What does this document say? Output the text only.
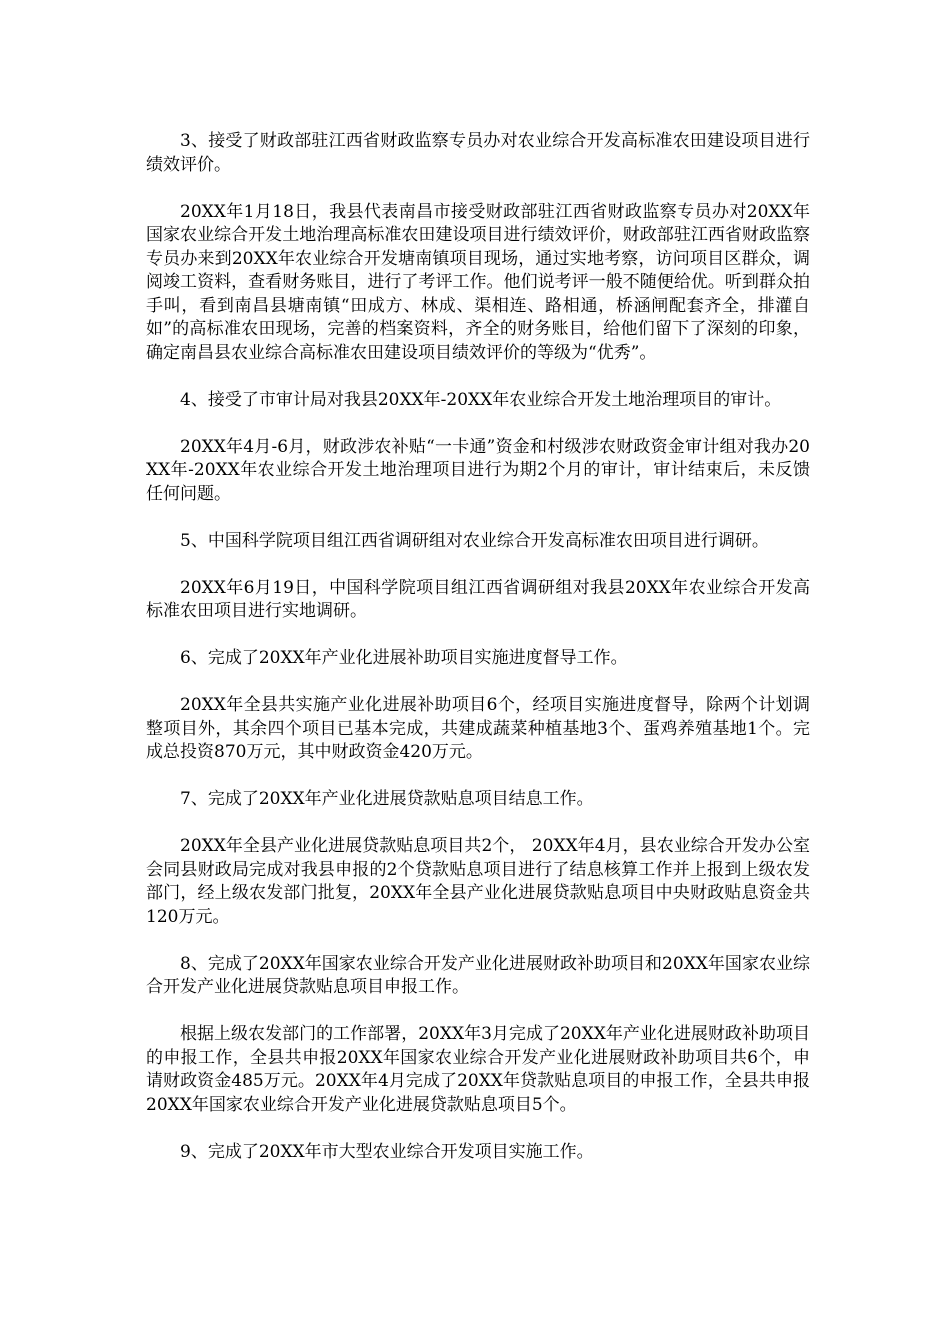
3、接受了财政部驻江西省财政监察专员办对农业综合开发高标准农田建设项目进行绩效评价。

20XX年1月18日，我县代表南昌市接受财政部驻江西省财政监察专员办对20XX年国家农业综合开发土地治理高标准农田建设项目进行绩效评价，财政部驻江西省财政监察专员办来到20XX年农业综合开发塘南镇项目现场，通过实地考察，访问项目区群众，调阅竣工资料，查看财务账目，进行了考评工作。他们说考评一般不随便给优。听到群众拍手叫，看到南昌县塘南镇“田成方、林成、渠相连、路相通，桥涵闸配套齐全，排灌自如”的高标准农田现场，完善的档案资料，齐全的财务账目，给他们留下了深刻的印象，确定南昌县农业综合高标准农田建设项目绩效评价的等级为“优秀”。

4、接受了市审计局对我县20XX年-20XX年农业综合开发土地治理项目的审计。

20XX年4月-6月，财政涉农补贴“一卡通”资金和村级涉农财政资金审计组对我办20XX年-20XX年农业综合开发土地治理项目进行为期2个月的审计，审计结束后，未反馈任何问题。

5、中国科学院项目组江西省调研组对农业综合开发高标准农田项目进行调研。

20XX年6月19日，中国科学院项目组江西省调研组对我县20XX年农业综合开发高标准农田项目进行实地调研。

6、完成了20XX年产业化进展补助项目实施进度督导工作。

20XX年全县共实施产业化进展补助项目6个，经项目实施进度督导，除两个计划调整项目外，其余四个项目已基本完成，共建成蔬菜种植基地3个、蛋鸡养殖基地1个。完成总投资870万元，其中财政资金420万元。

7、完成了20XX年产业化进展贷款贴息项目结息工作。

20XX年全县产业化进展贷款贴息项目共2个， 20XX年4月，县农业综合开发办公室会同县财政局完成对我县申报的2个贷款贴息项目进行了结息核算工作并上报到上级农发部门，经上级农发部门批复，20XX年全县产业化进展贷款贴息项目中央财政贴息资金共120万元。

8、完成了20XX年国家农业综合开发产业化进展财政补助项目和20XX年国家农业综合开发产业化进展贷款贴息项目申报工作。

根据上级农发部门的工作部署，20XX年3月完成了20XX年产业化进展财政补助项目的申报工作，全县共申报20XX年国家农业综合开发产业化进展财政补助项目共6个，申请财政资金485万元。20XX年4月完成了20XX年贷款贴息项目的申报工作，全县共申报20XX年国家农业综合开发产业化进展贷款贴息项目5个。

9、完成了20XX年市大型农业综合开发项目实施工作。
